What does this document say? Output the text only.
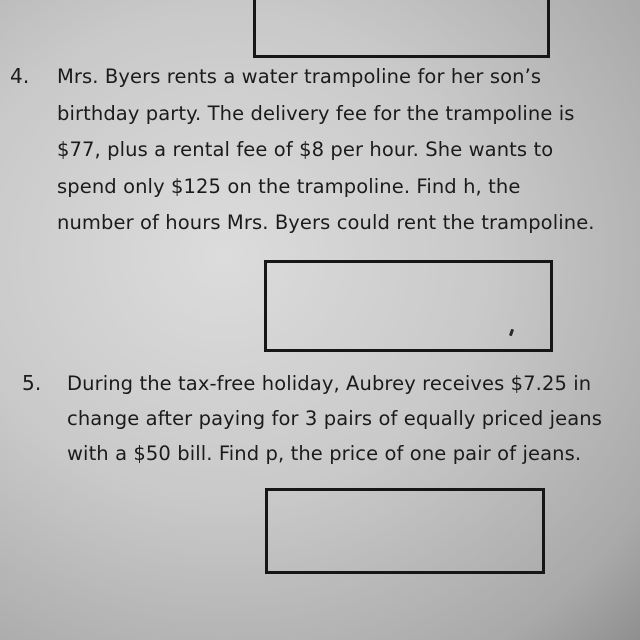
4. Mrs. Byers rents a water trampoline for her son’s
birthday party. The delivery fee for the trampoline is
$77, plus a rental fee of $8 per hour. She wants to
spend only $125 on the trampoline. Find h, the
number of hours Mrs. Byers could rent the trampoline.
5. During the tax-free holiday, Aubrey receives $7.25 in
change after paying for 3 pairs of equally priced jeans
with a $50 bill. Find p, the price of one pair of jeans.
